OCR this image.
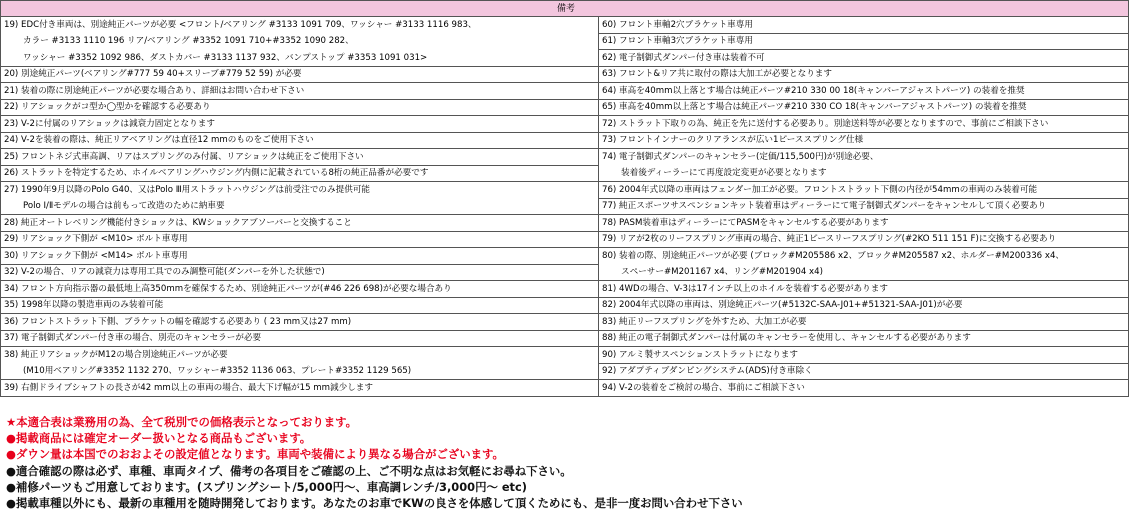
備考	
19) EDC付き車両は、別途純正パーツが必要 <フロント/ベアリング #3133 1091 709、ワッシャー #3133 1116 983、	60) フロント車軸2穴ブラケット車専用
カラー #3133 1110 196 リア/ベアリング #3352 1091 710+#3352 1090 282、	61) フロント車軸3穴ブラケット車専用
ワッシャー #3352 1092 986、ダストカバー #3133 1137 932、バンプストップ #3353 1091 031>	62) 電子制御式ダンパー付き車は装着不可
20) 別途純正パーツ(ベアリング#777 59 40+スリーブ#779 52 59) が必要	63) フロント&リア共に取付の際は大加工が必要となります
21) 装着の際に別途純正パーツが必要な場合あり、詳細はお問い合わせ下さい	64) 車高を40mm以上落とす場合は純正パーツ#210 330 00 18(キャンバーアジャストパーツ) の装着を推奨
22) リアショックがコ型か◯型かを確認する必要あり	65) 車高を40mm以上落とす場合は純正パーツ#210 330 CO 18(キャンバーアジャストパーツ) の装着を推奨
23) V-2に付属のリアショックは減衰力固定となります	72) ストラット下取りの為、純正を先に送付する必要あり。別途送料等が必要となりますので、事前にご相談下さい
24) V-2を装着の際は、純正リアベアリングは直径12 mmのものをご使用下さい	73) フロントインナーのクリアランスが広い1ピーススプリング仕様
25) フロントネジ式車高調、リアはスプリングのみ付属、リアショックは純正をご使用下さい	74) 電子制御式ダンパーのキャンセラー(定価/115,500円)が別途必要、
26) ストラットを特定するため、ホイルベアリングハウジング内側に記載されている8桁の純正品番が必要です	装着後ディーラーにて再度設定変更が必要となります
27) 1990年9月以降のPolo G40、又はPolo Ⅲ用ストラットハウジングは前受注でのみ提供可能	76) 2004年式以降の車両はフェンダー加工が必要。フロントストラット下側の内径が54mmの車両のみ装着可能
Polo Ⅰ/Ⅱモデルの場合は前もって改造のために納車要	77) 純正スポーツサスペンションキット装着車はディーラーにて電子制御式ダンパーをキャンセルして頂く必要あり
28) 純正オートレベリング機能付きショックは、KWショックアブソーバーと交換すること	78) PASM装着車はディーラーにてPASMをキャンセルする必要があります
29) リアショック下側が <M10> ボルト車専用	79) リアが2枚のリーフスプリング車両の場合、純正1ピースリーフスプリング(#2KO 511 151 F)に交換する必要あり
30) リアショック下側が <M14> ボルト車専用	80) 装着の際、別途純正パーツが必要 (ブロック#M205586 x2、ブロック#M205587 x2、ホルダー#M200336 x4、
32) V-2の場合、リアの減衰力は専用工具でのみ調整可能(ダンパーを外した状態で)	スペーサー#M201167 x4、リング#M201904 x4)
34) フロント方向指示器の最低地上高350mmを確保するため、別途純正パーツが(#46 226 698)が必要な場合あり	81) 4WDの場合、V-3は17インチ以上のホイルを装着する必要があります
35) 1998年以降の製造車両のみ装着可能	82) 2004年式以降の車両は、別途純正パーツ(#5132C-SAA-J01+#51321-SAA-J01)が必要
36) フロントストラット下側、ブラケットの幅を確認する必要あり ( 23 mm又は27 mm)	83) 純正リーフスプリングを外すため、大加工が必要
37) 電子制御式ダンパー付き車の場合、別売のキャンセラーが必要	88) 純正の電子制御式ダンパーは付属のキャンセラーを使用し、キャンセルする必要があります
38) 純正リアショックがM12の場合別途純正パーツが必要	90) アルミ製サスペンションストラットになります
(M10用ベアリング#3352 1132 270、ワッシャー#3352 1136 063、プレート#3352 1129 565)	92) アダプティブダンピングシステム(ADS)付き車除く
39) 右側ドライブシャフトの長さが42 mm以上の車両の場合、最大下げ幅が15 mm減少します	94) V-2の装着をご検討の場合、事前にご相談下さい
★本適合表は業務用の為、全て税別での価格表示となっております。
●掲載商品には確定オーダー扱いとなる商品もございます。
●ダウン量は本国でのおおよその設定値となります。車両や装備により異なる場合がございます。
●適合確認の際は必ず、車種、車両タイプ、備考の各項目をご確認の上、ご不明な点はお気軽にお尋ね下さい。
●補修パーツもご用意しております。(スプリングシート/5,000円～、車高調レンチ/3,000円～ etc)
●掲載車種以外にも、最新の車種用を随時開発しております。あなたのお車でKWの良さを体感して頂くためにも、是非一度お問い合わせ下さい
